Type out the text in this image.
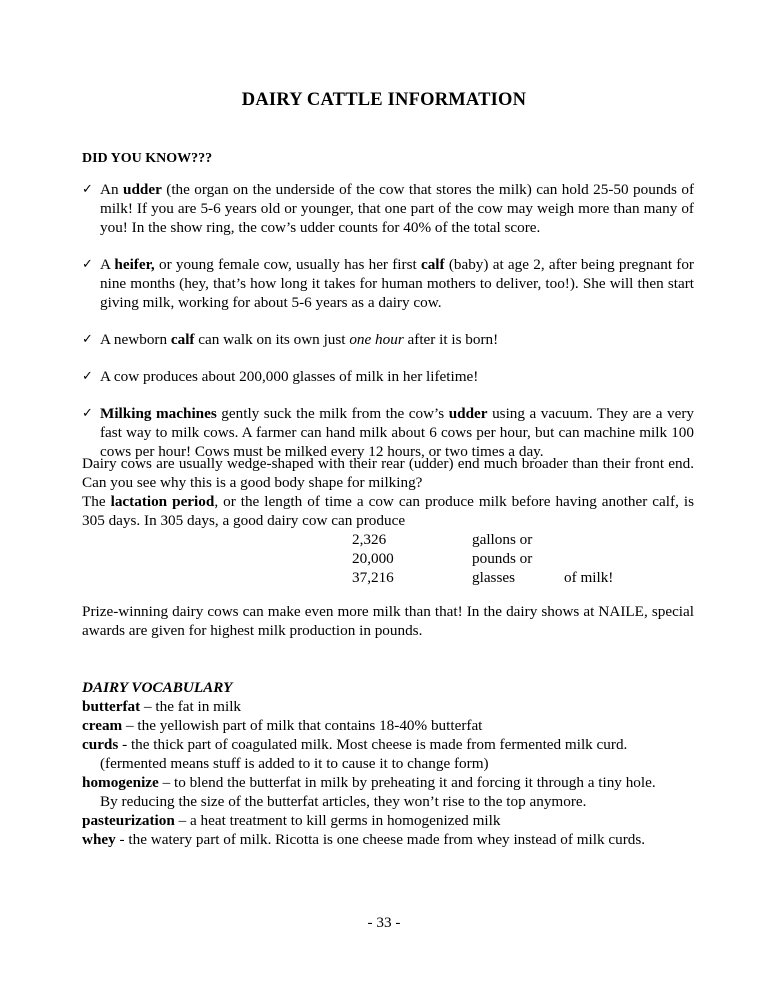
DAIRY CATTLE INFORMATION
DID YOU KNOW???
✓ An udder (the organ on the underside of the cow that stores the milk) can hold 25-50 pounds of milk! If you are 5-6 years old or younger, that one part of the cow may weigh more than many of you! In the show ring, the cow’s udder counts for 40% of the total score.
✓ A heifer, or young female cow, usually has her first calf (baby) at age 2, after being pregnant for nine months (hey, that’s how long it takes for human mothers to deliver, too!). She will then start giving milk, working for about 5-6 years as a dairy cow.
✓ A newborn calf can walk on its own just one hour after it is born!
✓ A cow produces about 200,000 glasses of milk in her lifetime!
✓ Milking machines gently suck the milk from the cow’s udder using a vacuum. They are a very fast way to milk cows. A farmer can hand milk about 6 cows per hour, but can machine milk 100 cows per hour! Cows must be milked every 12 hours, or two times a day.

Dairy cows are usually wedge-shaped with their rear (udder) end much broader than their front end. Can you see why this is a good body shape for milking?

The lactation period, or the length of time a cow can produce milk before having another calf, is 305 days. In 305 days, a good dairy cow can produce

2,326	gallons or	
20,000	pounds or	
37,216	glasses	of milk!

Prize-winning dairy cows can make even more milk than that! In the dairy shows at NAILE, special awards are given for highest milk production in pounds.

DAIRY VOCABULARY
butterfat – the fat in milk
cream – the yellowish part of milk that contains 18-40% butterfat
curds - the thick part of coagulated milk. Most cheese is made from fermented milk curd.
(fermented means stuff is added to it to cause it to change form)
homogenize – to blend the butterfat in milk by preheating it and forcing it through a tiny hole.
By reducing the size of the butterfat articles, they won’t rise to the top anymore.
pasteurization – a heat treatment to kill germs in homogenized milk
whey - the watery part of milk. Ricotta is one cheese made from whey instead of milk curds.
- 33 -
